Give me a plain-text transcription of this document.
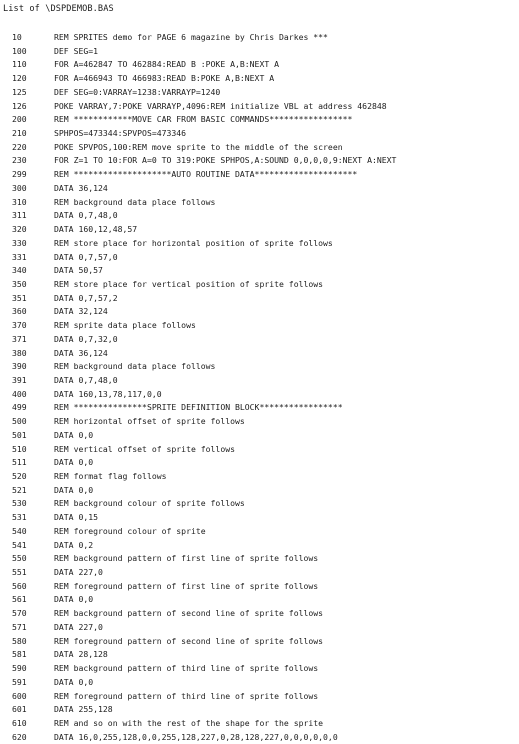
List of \DSPDEMOB.BAS
10	REM SPRITES demo for PAGE 6 magazine by Chris Darkes ***
100	DEF SEG=1
110	FOR A=462847 TO 462884:READ B :POKE A,B:NEXT A
120	FOR A=466943 TO 466983:READ B:POKE A,B:NEXT A
125	DEF SEG=0:VARRAY=1238:VARRAYP=1240
126	POKE VARRAY,7:POKE VARRAYP,4096:REM initialize VBL at address 462848
200	REM ************MOVE CAR FROM BASIC COMMANDS*****************
210	SPHPOS=473344:SPVPOS=473346
220	POKE SPVPOS,100:REM move sprite to the middle of the screen
230	FOR Z=1 TO 10:FOR A=0 TO 319:POKE SPHPOS,A:SOUND 0,0,0,0,9:NEXT A:NEXT
299	REM ********************AUTO ROUTINE DATA*********************
300	DATA 36,124
310	REM background data place follows
311	DATA 0,7,48,0
320	DATA 160,12,48,57
330	REM store place for horizontal position of sprite follows
331	DATA 0,7,57,0
340	DATA 50,57
350	REM store place for vertical position of sprite follows
351	DATA 0,7,57,2
360	DATA 32,124
370	REM sprite data place follows
371	DATA 0,7,32,0
380	DATA 36,124
390	REM background data place follows
391	DATA 0,7,48,0
400	DATA 160,13,78,117,0,0
499	REM ***************SPRITE DEFINITION BLOCK*****************
500	REM horizontal offset of sprite follows
501	DATA 0,0
510	REM vertical offset of sprite follows
511	DATA 0,0
520	REM format flag follows
521	DATA 0,0
530	REM background colour of sprite follows
531	DATA 0,15
540	REM foreground colour of sprite
541	DATA 0,2
550	REM background pattern of first line of sprite follows
551	DATA 227,0
560	REM foreground pattern of first line of sprite follows
561	DATA 0,0
570	REM background pattern of second line of sprite follows
571	DATA 227,0
580	REM foreground pattern of second line of sprite follows
581	DATA 28,128
590	REM background pattern of third line of sprite follows
591	DATA 0,0
600	REM foreground pattern of third line of sprite follows
601	DATA 255,128
610	REM and so on with the rest of the shape for the sprite
620	DATA 16,0,255,128,0,0,255,128,227,0,28,128,227,0,0,0,0,0,0
